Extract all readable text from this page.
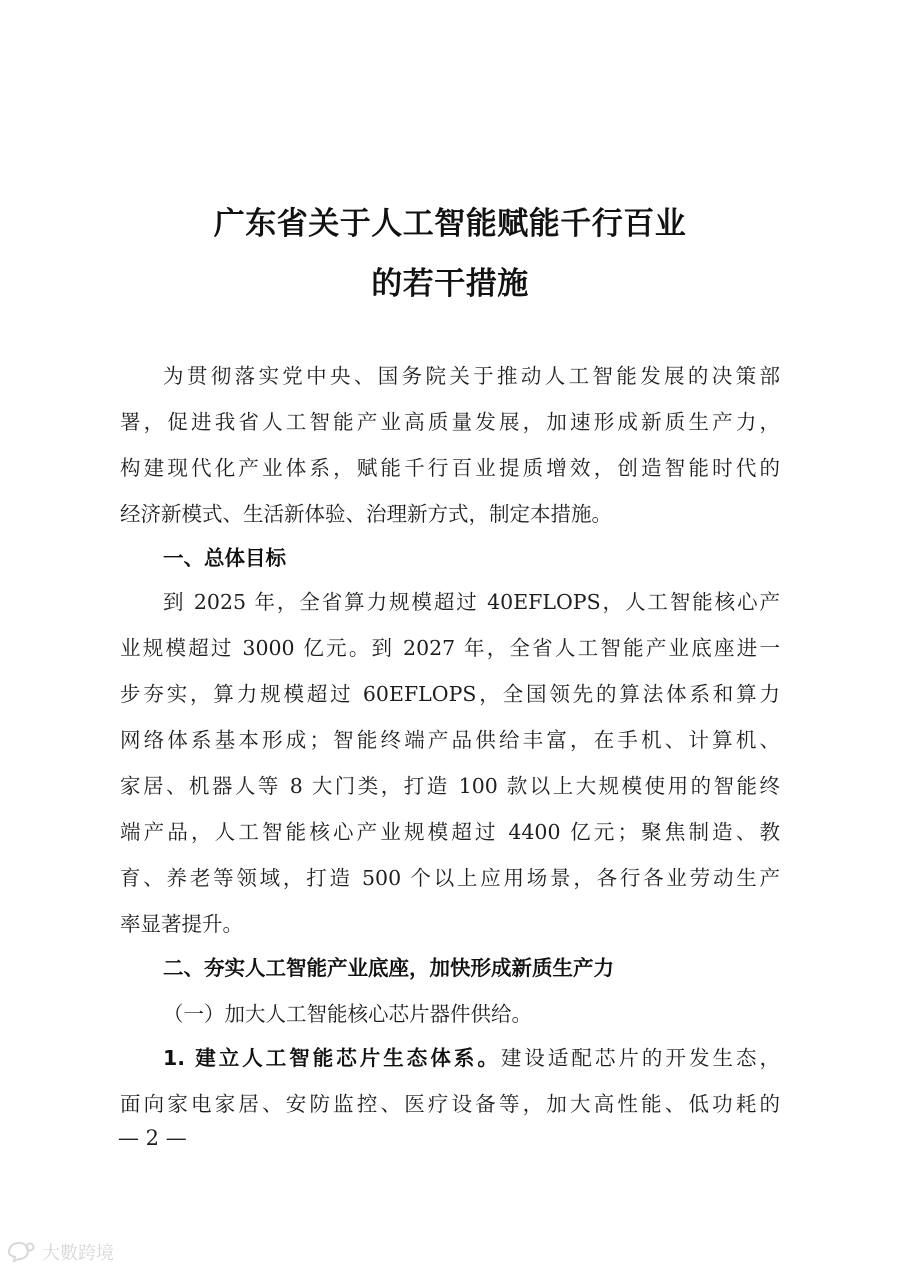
广东省关于人工智能赋能千行百业
的若干措施
为贯彻落实党中央、国务院关于推动人工智能发展的决策部
署，促进我省人工智能产业高质量发展，加速形成新质生产力，
构建现代化产业体系，赋能千行百业提质增效，创造智能时代的
经济新模式、生活新体验、治理新方式，制定本措施。
一、总体目标
到 2025 年，全省算力规模超过 40EFLOPS，人工智能核心产
业规模超过 3000 亿元。到 2027 年，全省人工智能产业底座进一
步夯实，算力规模超过 60EFLOPS，全国领先的算法体系和算力
网络体系基本形成；智能终端产品供给丰富，在手机、计算机、
家居、机器人等 8 大门类，打造 100 款以上大规模使用的智能终
端产品，人工智能核心产业规模超过 4400 亿元；聚焦制造、教
育、养老等领域，打造 500 个以上应用场景，各行各业劳动生产
率显著提升。
二、夯实人工智能产业底座，加快形成新质生产力
（一）加大人工智能核心芯片器件供给。
1. 建立人工智能芯片生态体系。建设适配芯片的开发生态，
面向家电家居、安防监控、医疗设备等，加大高性能、低功耗的
— 2 —
大數跨境
